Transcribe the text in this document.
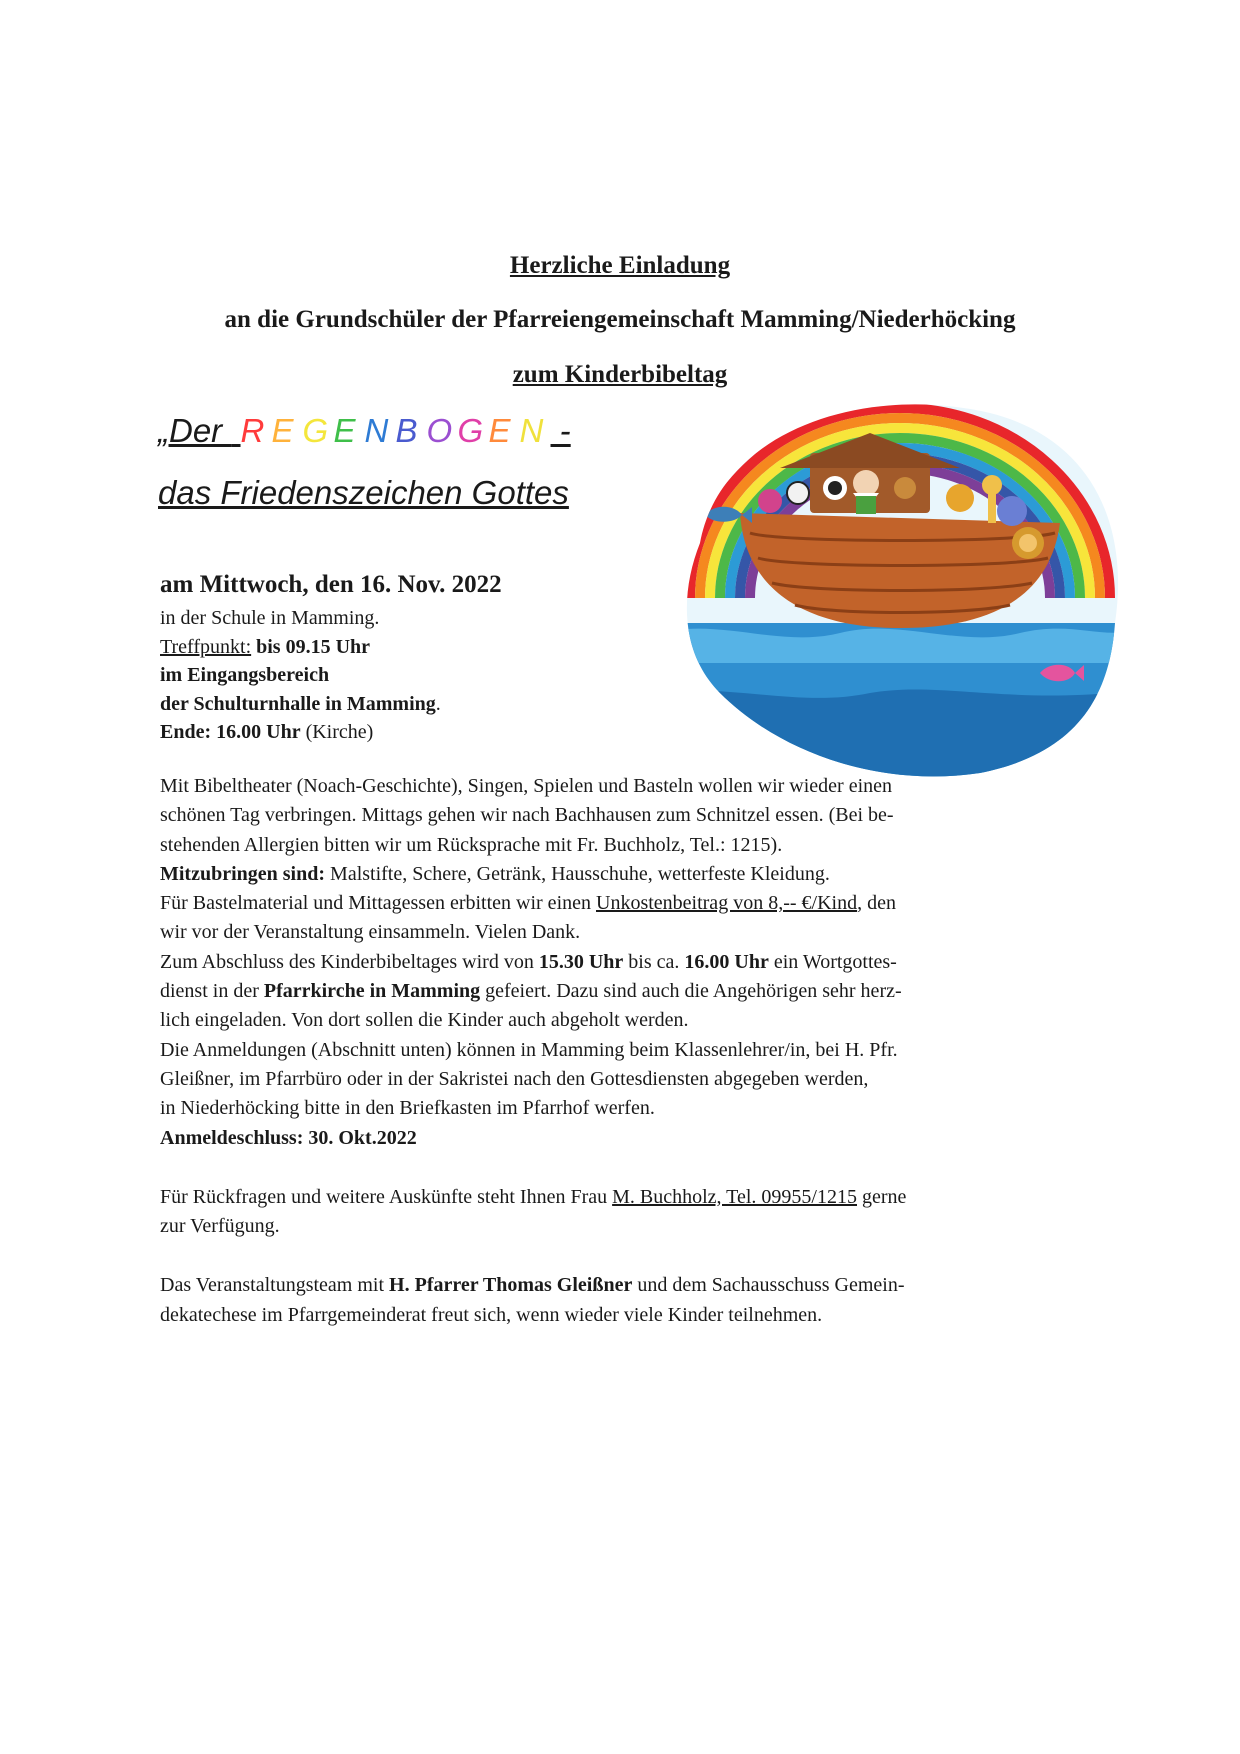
Herzliche Einladung
an die Grundschüler der Pfarreiengemeinschaft Mamming/Niederhöcking
zum Kinderbibeltag
„Der  R E G E N B O G E N -
das Friedenszeichen Gottes
am Mittwoch, den 16. Nov. 2022
in der Schule in Mamming.
Treffpunkt: bis 09.15 Uhr
im Eingangsbereich
der Schulturnhalle in Mamming.
Ende: 16.00 Uhr (Kirche)

Mit Bibeltheater (Noach-Geschichte), Singen, Spielen und Basteln wollen wir wieder einen

schönen Tag verbringen. Mittags gehen wir nach Bachhausen zum Schnitzel essen. (Bei be-

stehenden Allergien bitten wir um Rücksprache mit Fr. Buchholz, Tel.: 1215).

Mitzubringen sind: Malstifte, Schere, Getränk, Hausschuhe, wetterfeste Kleidung.

Für Bastelmaterial und Mittagessen erbitten wir einen Unkostenbeitrag von 8,-- €/Kind, den

wir vor der Veranstaltung einsammeln. Vielen Dank.

Zum Abschluss des Kinderbibeltages wird von 15.30 Uhr bis ca. 16.00 Uhr ein Wortgottes-

dienst in der Pfarrkirche in Mamming gefeiert. Dazu sind auch die Angehörigen sehr herz-

lich eingeladen. Von dort sollen die Kinder auch abgeholt werden.

Die Anmeldungen (Abschnitt unten) können in Mamming beim Klassenlehrer/in, bei H. Pfr.

Gleißner, im Pfarrbüro oder in der Sakristei nach den Gottesdiensten abgegeben werden,

in Niederhöcking bitte in den Briefkasten im Pfarrhof werfen.

Anmeldeschluss: 30. Okt.2022

Für Rückfragen und weitere Auskünfte steht Ihnen Frau M. Buchholz, Tel. 09955/1215 gerne

zur Verfügung.

Das Veranstaltungsteam mit H. Pfarrer Thomas Gleißner und dem Sachausschuss Gemein-

dekatechese im Pfarrgemeinderat freut sich, wenn wieder viele Kinder teilnehmen.
